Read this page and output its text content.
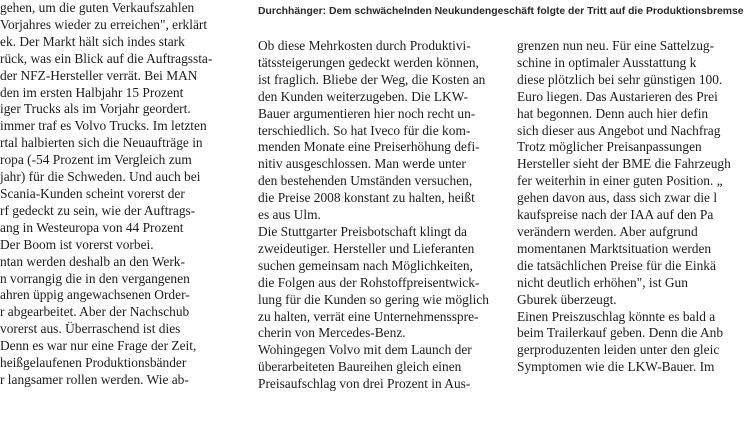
Durchhänger: Dem schwächelnden Neukundengeschäft folgte der Tritt auf die Produktionsbremse
gehen, um die guten Verkaufszahlen
Vorjahres wieder zu erreichen", erklärt
ek. Der Markt hält sich indes stark
rück, was ein Blick auf die Auftragssta-
der NFZ-Hersteller verrät. Bei MAN
den im ersten Halbjahr 15 Prozent
iger Trucks als im Vorjahr geordert.
immer traf es Volvo Trucks. Im letzten
rtal halbierten sich die Neuaufträge in
ropa (-54 Prozent im Vergleich zum
jahr) für die Schweden. Und auch bei
Scania-Kunden scheint vorerst der
rf gedeckt zu sein, wie der Auftrags-
ang in Westeuropa von 44 Prozent
Der Boom ist vorerst vorbei.
ntan werden deshalb an den Werk-
n vorrangig die in den vergangenen
ahren üppig angewachsenen Order-
r abgearbeitet. Aber der Nachschub
vorerst aus. Überraschend ist dies
Denn es war nur eine Frage der Zeit,
heißgelaufenen Produktionsbänder
r langsamer rollen werden. Wie ab-
Ob diese Mehrkosten durch Produktivi-
tätssteigerungen gedeckt werden können,
ist fraglich. Bliebe der Weg, die Kosten an
den Kunden weiterzugeben. Die LKW-
Bauer argumentieren hier noch recht un-
terschiedlich. So hat Iveco für die kom-
menden Monate eine Preiserhöhung defi-
nitiv ausgeschlossen. Man werde unter
den bestehenden Umständen versuchen,
die Preise 2008 konstant zu halten, heißt
es aus Ulm.
Die Stuttgarter Preisbotschaft klingt da
zweideutiger. Hersteller und Lieferanten
suchen gemeinsam nach Möglichkeiten,
die Folgen aus der Rohstoffpreisentwick-
lung für die Kunden so gering wie möglich
zu halten, verrät eine Unternehmensspre-
cherin von Mercedes-Benz.
Wohingegen Volvo mit dem Launch der
überarbeiteten Baureihen gleich einen
Preisaufschlag von drei Prozent in Aus-
grenzen nun neu. Für eine Sattelzug-
schine in optimaler Ausstattung k
diese plötzlich bei sehr günstigen 100.
Euro liegen. Das Austarieren des Prei
hat begonnen. Denn auch hier defin
sich dieser aus Angebot und Nachfrag
Trotz möglicher Preisanpassungen
Hersteller sieht der BME die Fahrzeugh
fer weiterhin in einer guten Position. „
gehen davon aus, dass sich zwar die l
kaufspreise nach der IAA auf den Pa
verändern werden. Aber aufgrund
momentanen Marktsituation werden
die tatsächlichen Preise für die Einkä
nicht deutlich erhöhen", ist Gun
Gburek überzeugt.
Einen Preiszuschlag könnte es bald a
beim Trailerkauf geben. Denn die Anb
gerproduzenten leiden unter den gleic
Symptomen wie die LKW-Bauer. Im
